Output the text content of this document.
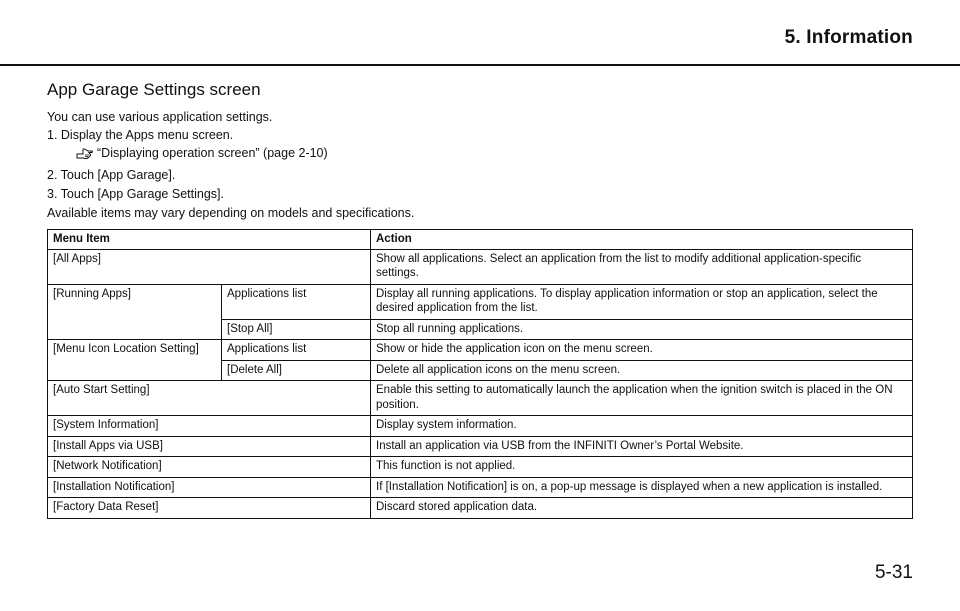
5. Information
App Garage Settings screen
You can use various application settings.
1. Display the Apps menu screen.
“Displaying operation screen” (page 2-10)
2. Touch [App Garage].
3. Touch [App Garage Settings].
Available items may vary depending on models and specifications.
Menu Item		Action
[All Apps]		Show all applications. Select an application from the list to modify additional application-specific settings.
[Running Apps]	Applications list	Display all running applications. To display application information or stop an application, select the desired application from the list.
	[Stop All]	Stop all running applications.
[Menu Icon Location Setting]	Applications list	Show or hide the application icon on the menu screen.
	[Delete All]	Delete all application icons on the menu screen.
[Auto Start Setting]		Enable this setting to automatically launch the application when the ignition switch is placed in the ON position.
[System Information]		Display system information.
[Install Apps via USB]		Install an application via USB from the INFINITI Owner’s Portal Website.
[Network Notification]		This function is not applied.
[Installation Notification]		If [Installation Notification] is on, a pop-up message is displayed when a new application is installed.
[Factory Data Reset]		Discard stored application data.
5-31
